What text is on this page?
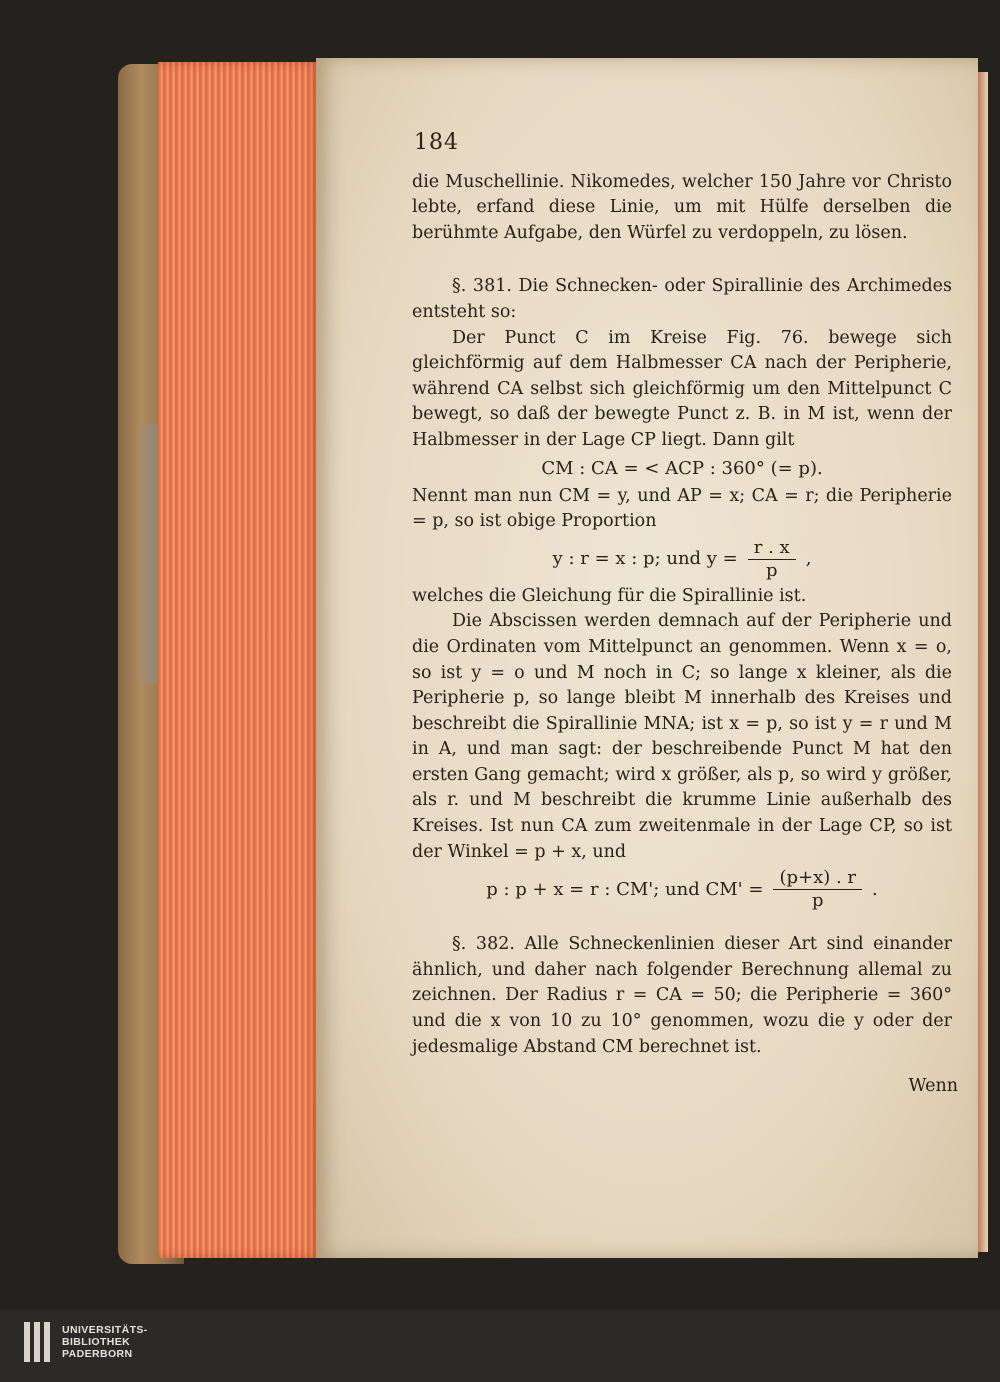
184

die Muschellinie. Nikomedes, welcher 150 Jahre vor Christo lebte, erfand diese Linie, um mit Hülfe derselben die berühmte Aufgabe, den Würfel zu verdoppeln, zu lösen.

§. 381. Die Schnecken- oder Spirallinie des Archimedes entsteht so:

Der Punct C im Kreise Fig. 76. bewege sich gleichförmig auf dem Halbmesser CA nach der Peripherie, während CA selbst sich gleichförmig um den Mittelpunct C bewegt, so daß der bewegte Punct z. B. in M ist, wenn der Halbmesser in der Lage CP liegt. Dann gilt

CM : CA = < ACP : 360° (= p).

Nennt man nun CM = y, und AP = x; CA = r; die Peripherie = p, so ist obige Proportion

y : r = x : p; und $y = \frac{r . x}{p}$ ,

welches die Gleichung für die Spirallinie ist.

Die Abscissen werden demnach auf der Peripherie und die Ordinaten vom Mittelpunct an genommen. Wenn x = o, so ist y = o und M noch in C; so lange x kleiner, als die Peripherie p, so lange bleibt M innerhalb des Kreises und beschreibt die Spirallinie MNA; ist x = p, so ist y = r und M in A, und man sagt: der beschreibende Punct M hat den ersten Gang gemacht; wird x größer, als p, so wird y größer, als r. und M beschreibt die krumme Linie außerhalb des Kreises. Ist nun CA zum zweitenmale in der Lage CP, so ist der Winkel = p + x, und

p : p + x = r : CM'; und $CM' = \frac{(p+x) . r}{p}$ .

§. 382. Alle Schneckenlinien dieser Art sind einander ähnlich, und daher nach folgender Berechnung allemal zu zeichnen. Der Radius r = CA = 50; die Peripherie = 360° und die x von 10 zu 10° genommen, wozu die y oder der jedesmalige Abstand CM berechnet ist.

Wenn
UNIVERSITÄTS-
BIBLIOTHEK
PADERBORN
